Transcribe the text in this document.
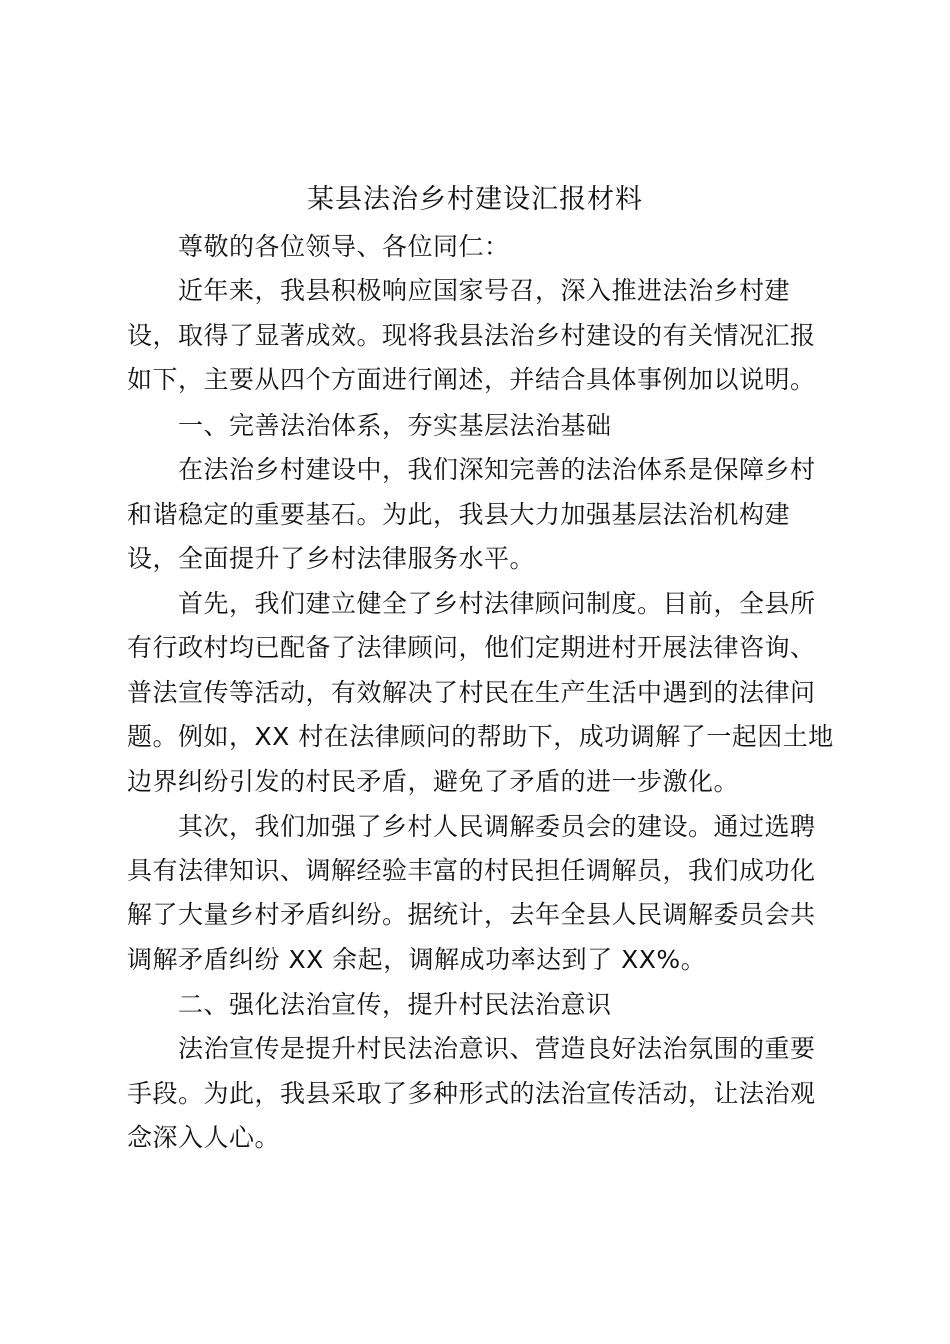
某县法治乡村建设汇报材料
尊敬的各位领导、各位同仁：
近年来，我县积极响应国家号召，深入推进法治乡村建
设，取得了显著成效。现将我县法治乡村建设的有关情况汇报
如下，主要从四个方面进行阐述，并结合具体事例加以说明。
一、完善法治体系，夯实基层法治基础
在法治乡村建设中，我们深知完善的法治体系是保障乡村
和谐稳定的重要基石。为此，我县大力加强基层法治机构建
设，全面提升了乡村法律服务水平。
首先，我们建立健全了乡村法律顾问制度。目前，全县所
有行政村均已配备了法律顾问，他们定期进村开展法律咨询、
普法宣传等活动，有效解决了村民在生产生活中遇到的法律问
题。例如，XX 村在法律顾问的帮助下，成功调解了一起因土地
边界纠纷引发的村民矛盾，避免了矛盾的进一步激化。
其次，我们加强了乡村人民调解委员会的建设。通过选聘
具有法律知识、调解经验丰富的村民担任调解员，我们成功化
解了大量乡村矛盾纠纷。据统计，去年全县人民调解委员会共
调解矛盾纠纷 XX 余起，调解成功率达到了 XX%。
二、强化法治宣传，提升村民法治意识
法治宣传是提升村民法治意识、营造良好法治氛围的重要
手段。为此，我县采取了多种形式的法治宣传活动，让法治观
念深入人心。
